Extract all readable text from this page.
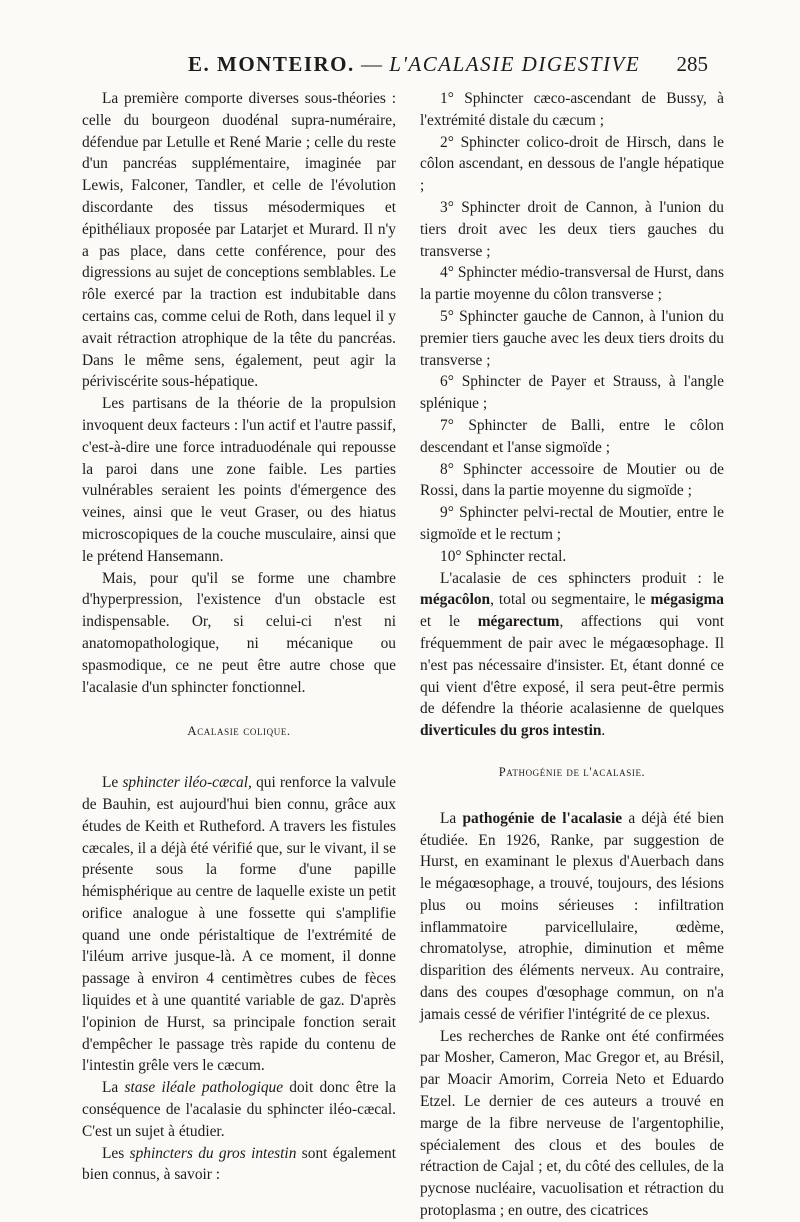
E. MONTEIRO. — L'ACALASIE DIGESTIVE 285

La première comporte diverses sous-théories : celle du bourgeon duodénal supra-numéraire, défendue par Letulle et René Marie ; celle du reste d'un pancréas supplémentaire, imaginée par Lewis, Falconer, Tandler, et celle de l'évolution discordante des tissus mésodermiques et épithéliaux proposée par Latarjet et Murard. Il n'y a pas place, dans cette conférence, pour des digressions au sujet de conceptions semblables. Le rôle exercé par la traction est indubitable dans certains cas, comme celui de Roth, dans lequel il y avait rétraction atrophique de la tête du pancréas. Dans le même sens, également, peut agir la périviscérite sous-hépatique.

Les partisans de la théorie de la propulsion invoquent deux facteurs : l'un actif et l'autre passif, c'est-à-dire une force intraduodénale qui repousse la paroi dans une zone faible. Les parties vulnérables seraient les points d'émergence des veines, ainsi que le veut Graser, ou des hiatus microscopiques de la couche musculaire, ainsi que le prétend Hansemann.

Mais, pour qu'il se forme une chambre d'hyperpression, l'existence d'un obstacle est indispensable. Or, si celui-ci n'est ni anatomopathologique, ni mécanique ou spasmodique, ce ne peut être autre chose que l'acalasie d'un sphincter fonctionnel.

Acalasie colique.

Le sphincter iléo-cæcal, qui renforce la valvule de Bauhin, est aujourd'hui bien connu, grâce aux études de Keith et Rutheford. A travers les fistules cæcales, il a déjà été vérifié que, sur le vivant, il se présente sous la forme d'une papille hémisphérique au centre de laquelle existe un petit orifice analogue à une fossette qui s'amplifie quand une onde péristaltique de l'extrémité de l'iléum arrive jusque-là. A ce moment, il donne passage à environ 4 centimètres cubes de fèces liquides et à une quantité variable de gaz. D'après l'opinion de Hurst, sa principale fonction serait d'empêcher le passage très rapide du contenu de l'intestin grêle vers le cæcum.

La stase iléale pathologique doit donc être la conséquence de l'acalasie du sphincter iléo-cæcal. C'est un sujet à étudier.

Les sphincters du gros intestin sont également bien connus, à savoir :

1° Sphincter cæco-ascendant de Bussy, à l'extrémité distale du cæcum ;

2° Sphincter colico-droit de Hirsch, dans le côlon ascendant, en dessous de l'angle hépatique ;

3° Sphincter droit de Cannon, à l'union du tiers droit avec les deux tiers gauches du transverse ;

4° Sphincter médio-transversal de Hurst, dans la partie moyenne du côlon transverse ;

5° Sphincter gauche de Cannon, à l'union du premier tiers gauche avec les deux tiers droits du transverse ;

6° Sphincter de Payer et Strauss, à l'angle splénique ;

7° Sphincter de Balli, entre le côlon descendant et l'anse sigmoïde ;

8° Sphincter accessoire de Moutier ou de Rossi, dans la partie moyenne du sigmoïde ;

9° Sphincter pelvi-rectal de Moutier, entre le sigmoïde et le rectum ;

10° Sphincter rectal.

L'acalasie de ces sphincters produit : le mégacôlon, total ou segmentaire, le mégasigma et le mégarectum, affections qui vont fréquemment de pair avec le mégaœsophage. Il n'est pas nécessaire d'insister. Et, étant donné ce qui vient d'être exposé, il sera peut-être permis de défendre la théorie acalasienne de quelques diverticules du gros intestin.

Pathogénie de l'acalasie.

La pathogénie de l'acalasie a déjà été bien étudiée. En 1926, Ranke, par suggestion de Hurst, en examinant le plexus d'Auerbach dans le mégaœsophage, a trouvé, toujours, des lésions plus ou moins sérieuses : infiltration inflammatoire parvicellulaire, œdème, chromatolyse, atrophie, diminution et même disparition des éléments nerveux. Au contraire, dans des coupes d'œsophage commun, on n'a jamais cessé de vérifier l'intégrité de ce plexus.

Les recherches de Ranke ont été confirmées par Mosher, Cameron, Mac Gregor et, au Brésil, par Moacir Amorim, Correia Neto et Eduardo Etzel. Le dernier de ces auteurs a trouvé en marge de la fibre nerveuse de l'argentophilie, spécialement des clous et des boules de rétraction de Cajal ; et, du côté des cellules, de la pycnose nucléaire, vacuolisation et rétraction du protoplasma ; en outre, des cicatrices
